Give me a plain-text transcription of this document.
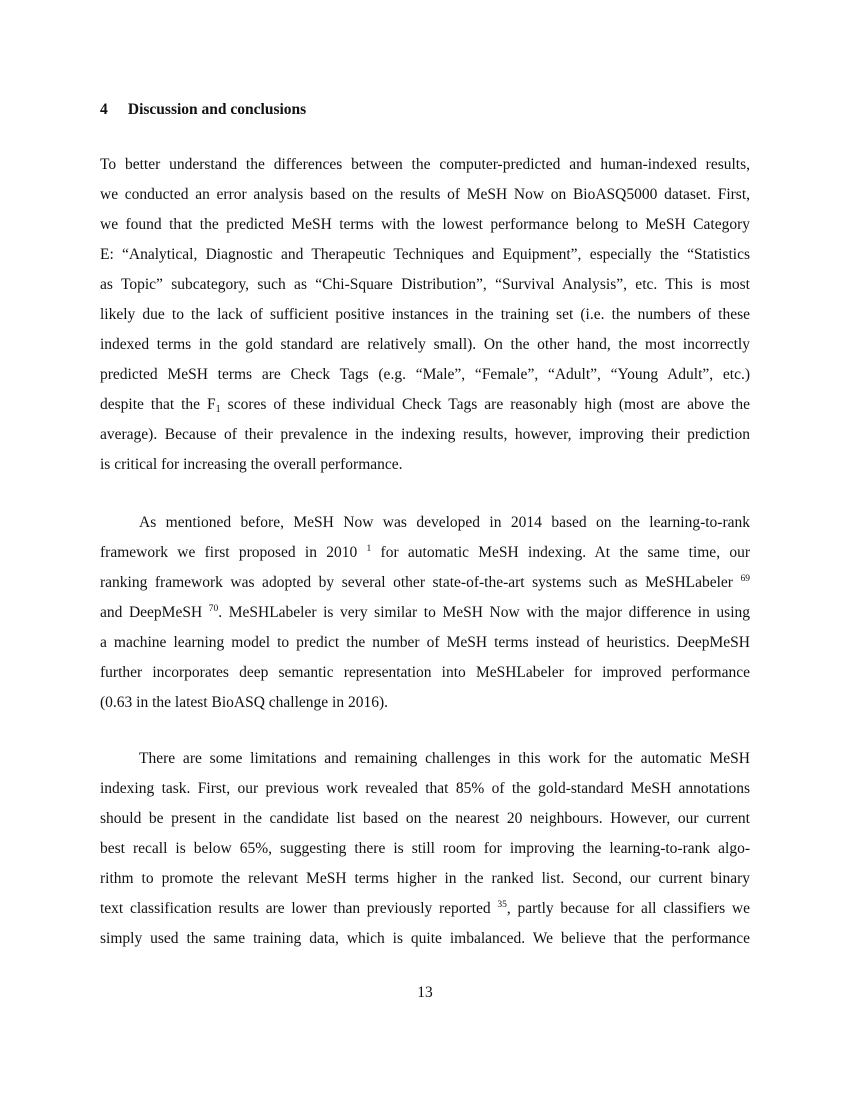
4 Discussion and conclusions
To better understand the differences between the computer-predicted and human-indexed results,
we conducted an error analysis based on the results of MeSH Now on BioASQ5000 dataset. First,
we found that the predicted MeSH terms with the lowest performance belong to MeSH Category
E: “Analytical, Diagnostic and Therapeutic Techniques and Equipment”, especially the “Statistics
as Topic” subcategory, such as “Chi-Square Distribution”, “Survival Analysis”, etc. This is most
likely due to the lack of sufficient positive instances in the training set (i.e. the numbers of these
indexed terms in the gold standard are relatively small). On the other hand, the most incorrectly
predicted MeSH terms are Check Tags (e.g. “Male”, “Female”, “Adult”, “Young Adult”, etc.)
despite that the $F_1$ scores of these individual Check Tags are reasonably high (most are above the
average). Because of their prevalence in the indexing results, however, improving their prediction
is critical for increasing the overall performance.
As mentioned before, MeSH Now was developed in 2014 based on the learning-to-rank
framework we first proposed in 2010 $^1$ for automatic MeSH indexing. At the same time, our
ranking framework was adopted by several other state-of-the-art systems such as MeSHLabeler $^{69}$
and DeepMeSH $^{70}$. MeSHLabeler is very similar to MeSH Now with the major difference in using
a machine learning model to predict the number of MeSH terms instead of heuristics. DeepMeSH
further incorporates deep semantic representation into MeSHLabeler for improved performance
(0.63 in the latest BioASQ challenge in 2016).
There are some limitations and remaining challenges in this work for the automatic MeSH
indexing task. First, our previous work revealed that 85% of the gold-standard MeSH annotations
should be present in the candidate list based on the nearest 20 neighbours. However, our current
best recall is below 65%, suggesting there is still room for improving the learning-to-rank algo-
rithm to promote the relevant MeSH terms higher in the ranked list. Second, our current binary
text classification results are lower than previously reported $^{35}$, partly because for all classifiers we
simply used the same training data, which is quite imbalanced. We believe that the performance
13
